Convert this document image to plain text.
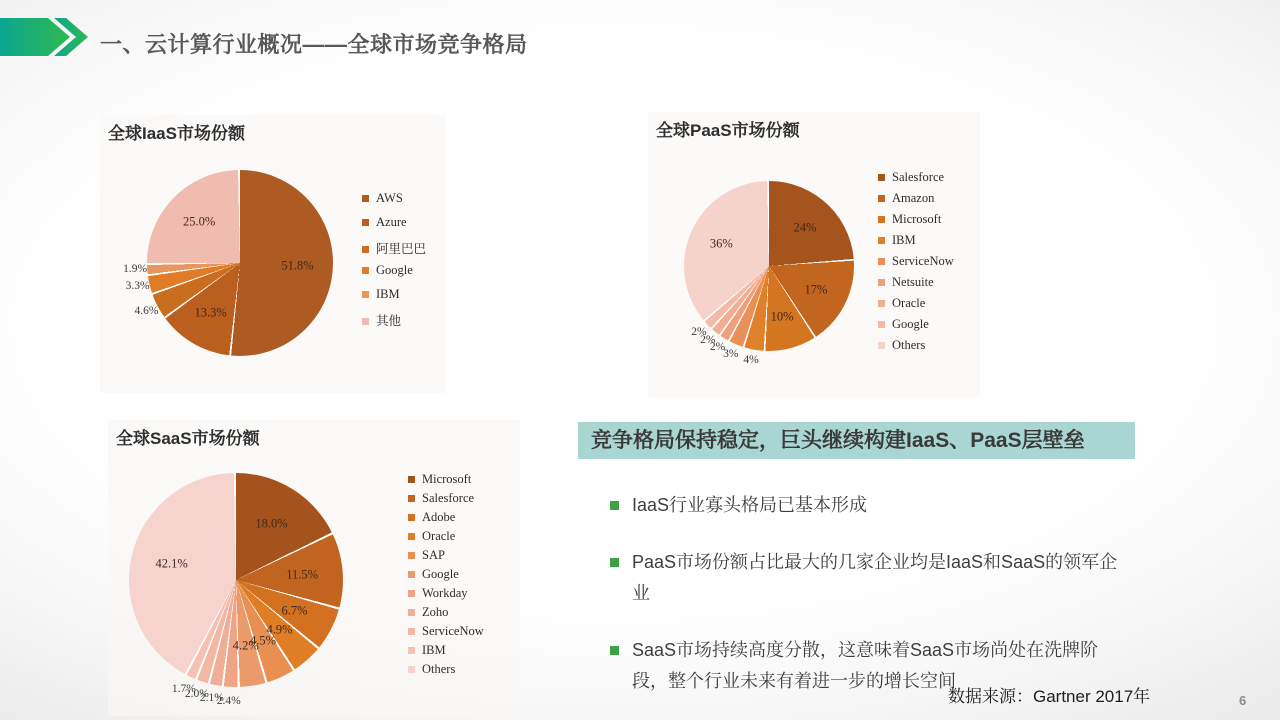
一、云计算行业概况——全球市场竞争格局
全球IaaS市场份额
AWS
Azure
阿里巴巴
Google
IBM
其他
51.8%
13.3%
4.6%
3.3%
1.9%
25.0%
全球PaaS市场份额
Salesforce
Amazon
Microsoft
IBM
ServiceNow
Netsuite
Oracle
Google
Others
24%
17%
10%
4%
3%
2%
2%
2%
36%
全球SaaS市场份额
Microsoft
Salesforce
Adobe
Oracle
SAP
Google
Workday
Zoho
ServiceNow
IBM
Others
18.0%
11.5%
6.7%
4.9%
4.5%
4.2%
2.4%
2.1%
2.0%
1.7%
42.1%
竞争格局保持稳定，巨头继续构建IaaS、PaaS层壁垒
IaaS行业寡头格局已基本形成
PaaS市场份额占比最大的几家企业均是IaaS和SaaS的领军企业
SaaS市场持续高度分散，这意味着SaaS市场尚处在洗牌阶段，整个行业未来有着进一步的增长空间
数据来源：Gartner 2017年	6
